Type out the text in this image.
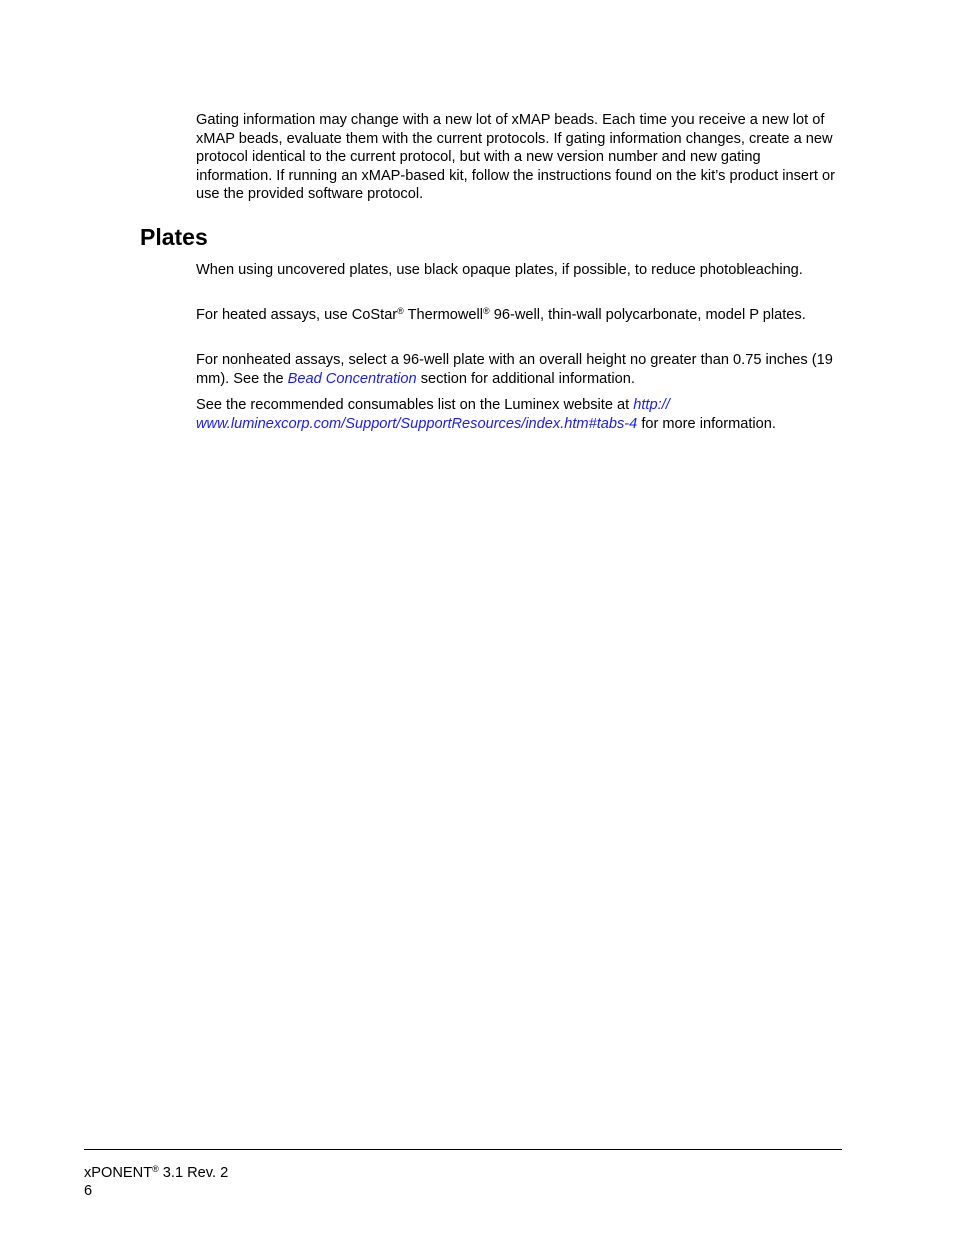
Gating information may change with a new lot of xMAP beads. Each time you receive a new lot of xMAP beads, evaluate them with the current protocols. If gating information changes, create a new protocol identical to the current protocol, but with a new version number and new gating information. If running an xMAP-based kit, follow the instructions found on the kit’s product insert or use the provided software protocol.

Plates

When using uncovered plates, use black opaque plates, if possible, to reduce photobleaching.

For heated assays, use CoStar® Thermowell® 96-well, thin-wall polycarbonate, model P plates.

For nonheated assays, select a 96-well plate with an overall height no greater than 0.75 inches (19 mm). See the Bead Concentration section for additional information.

See the recommended consumables list on the Luminex website at http://
www.luminexcorp.com/Support/SupportResources/index.htm#tabs-4 for more information.

xPONENT® 3.1 Rev. 2
6
